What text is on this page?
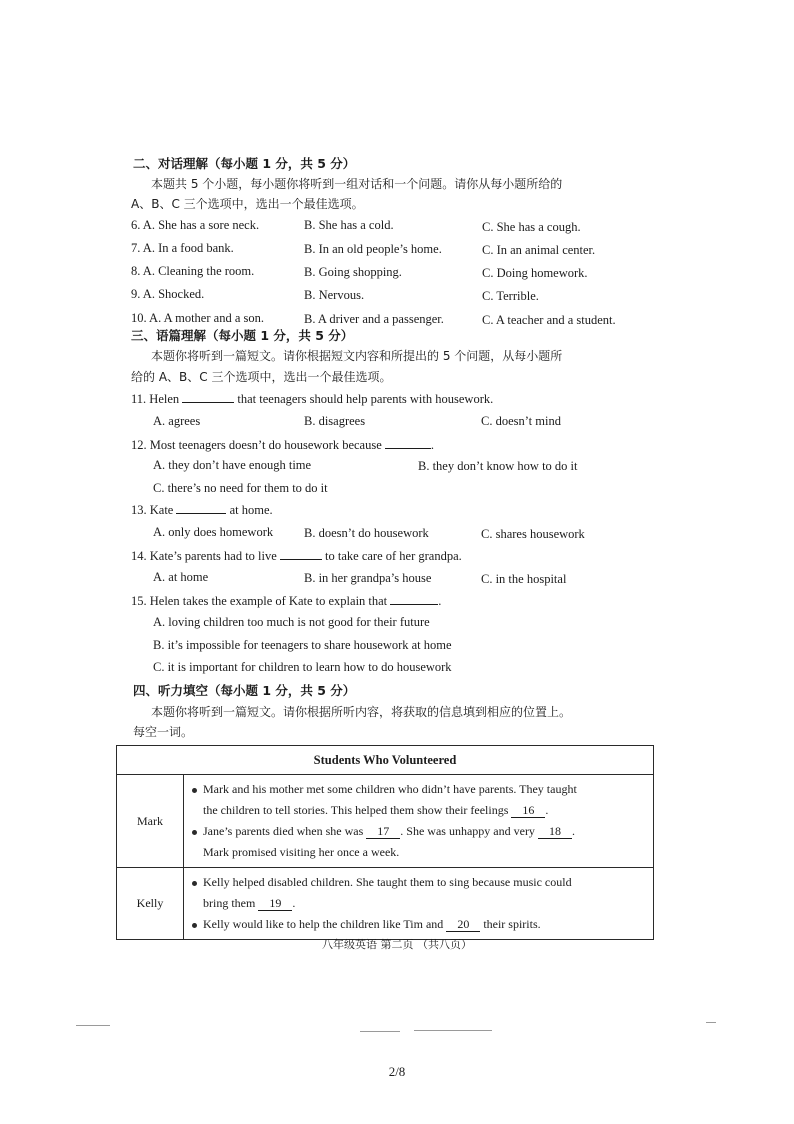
二、对话理解（每小题 1 分，共 5 分）
本题共 5 个小题，每小题你将听到一组对话和一个问题。请你从每小题所给的
A、B、C 三个选项中，选出一个最佳选项。
6. A. She has a sore neck.	B. She has a cold.	C. She has a cough.
7. A. In a food bank.	B. In an old people’s home.	C. In an animal center.
8. A. Cleaning the room.	B. Going shopping.	C. Doing homework.
9. A. Shocked.	B. Nervous.	C. Terrible.
10. A. A mother and a son.	B. A driver and a passenger.	C. A teacher and a student.
三、语篇理解（每小题 1 分，共 5 分）
本题你将听到一篇短文。请你根据短文内容和所提出的 5 个问题，从每小题所
给的 A、B、C 三个选项中，选出一个最佳选项。
11. Helen	that teenagers should help parents with housework.
A. agrees	B. disagrees	C. doesn’t mind
12. Most teenagers doesn’t do housework because	.
A. they don’t have enough time	B. they don’t know how to do it
C. there’s no need for them to do it
13. Kate	at home.
A. only does homework B. doesn’t do housework	C. shares housework
14. Kate’s parents had to live	to take care of her grandpa.
A. at home	B. in her grandpa’s house	C. in the hospital
15. Helen takes the example of Kate to explain that	.
A. loving children too much is not good for their future
B. it’s impossible for teenagers to share housework at home
C. it is important for children to learn how to do housework
四、听力填空（每小题 1 分，共 5 分）
本题你将听到一篇短文。请你根据所听内容，将获取的信息填到相应的位置上。
每空一词。
Students Who Volunteered	
Mark	Mark and his mother met some children who didn’t have parents. They taught
the children to tell stories. This helped them show their feelings 16 .
Jane’s parents died when she was 17 . She was unhappy and very 18 .
Mark promised visiting her once a week.

Kelly	Kelly helped disabled children. She taught them to sing because music could
bring them 19 .
Kelly would like to help the children like Tim and 20 their spirits.
八年级英语 第二页 （共八页）
2/8
